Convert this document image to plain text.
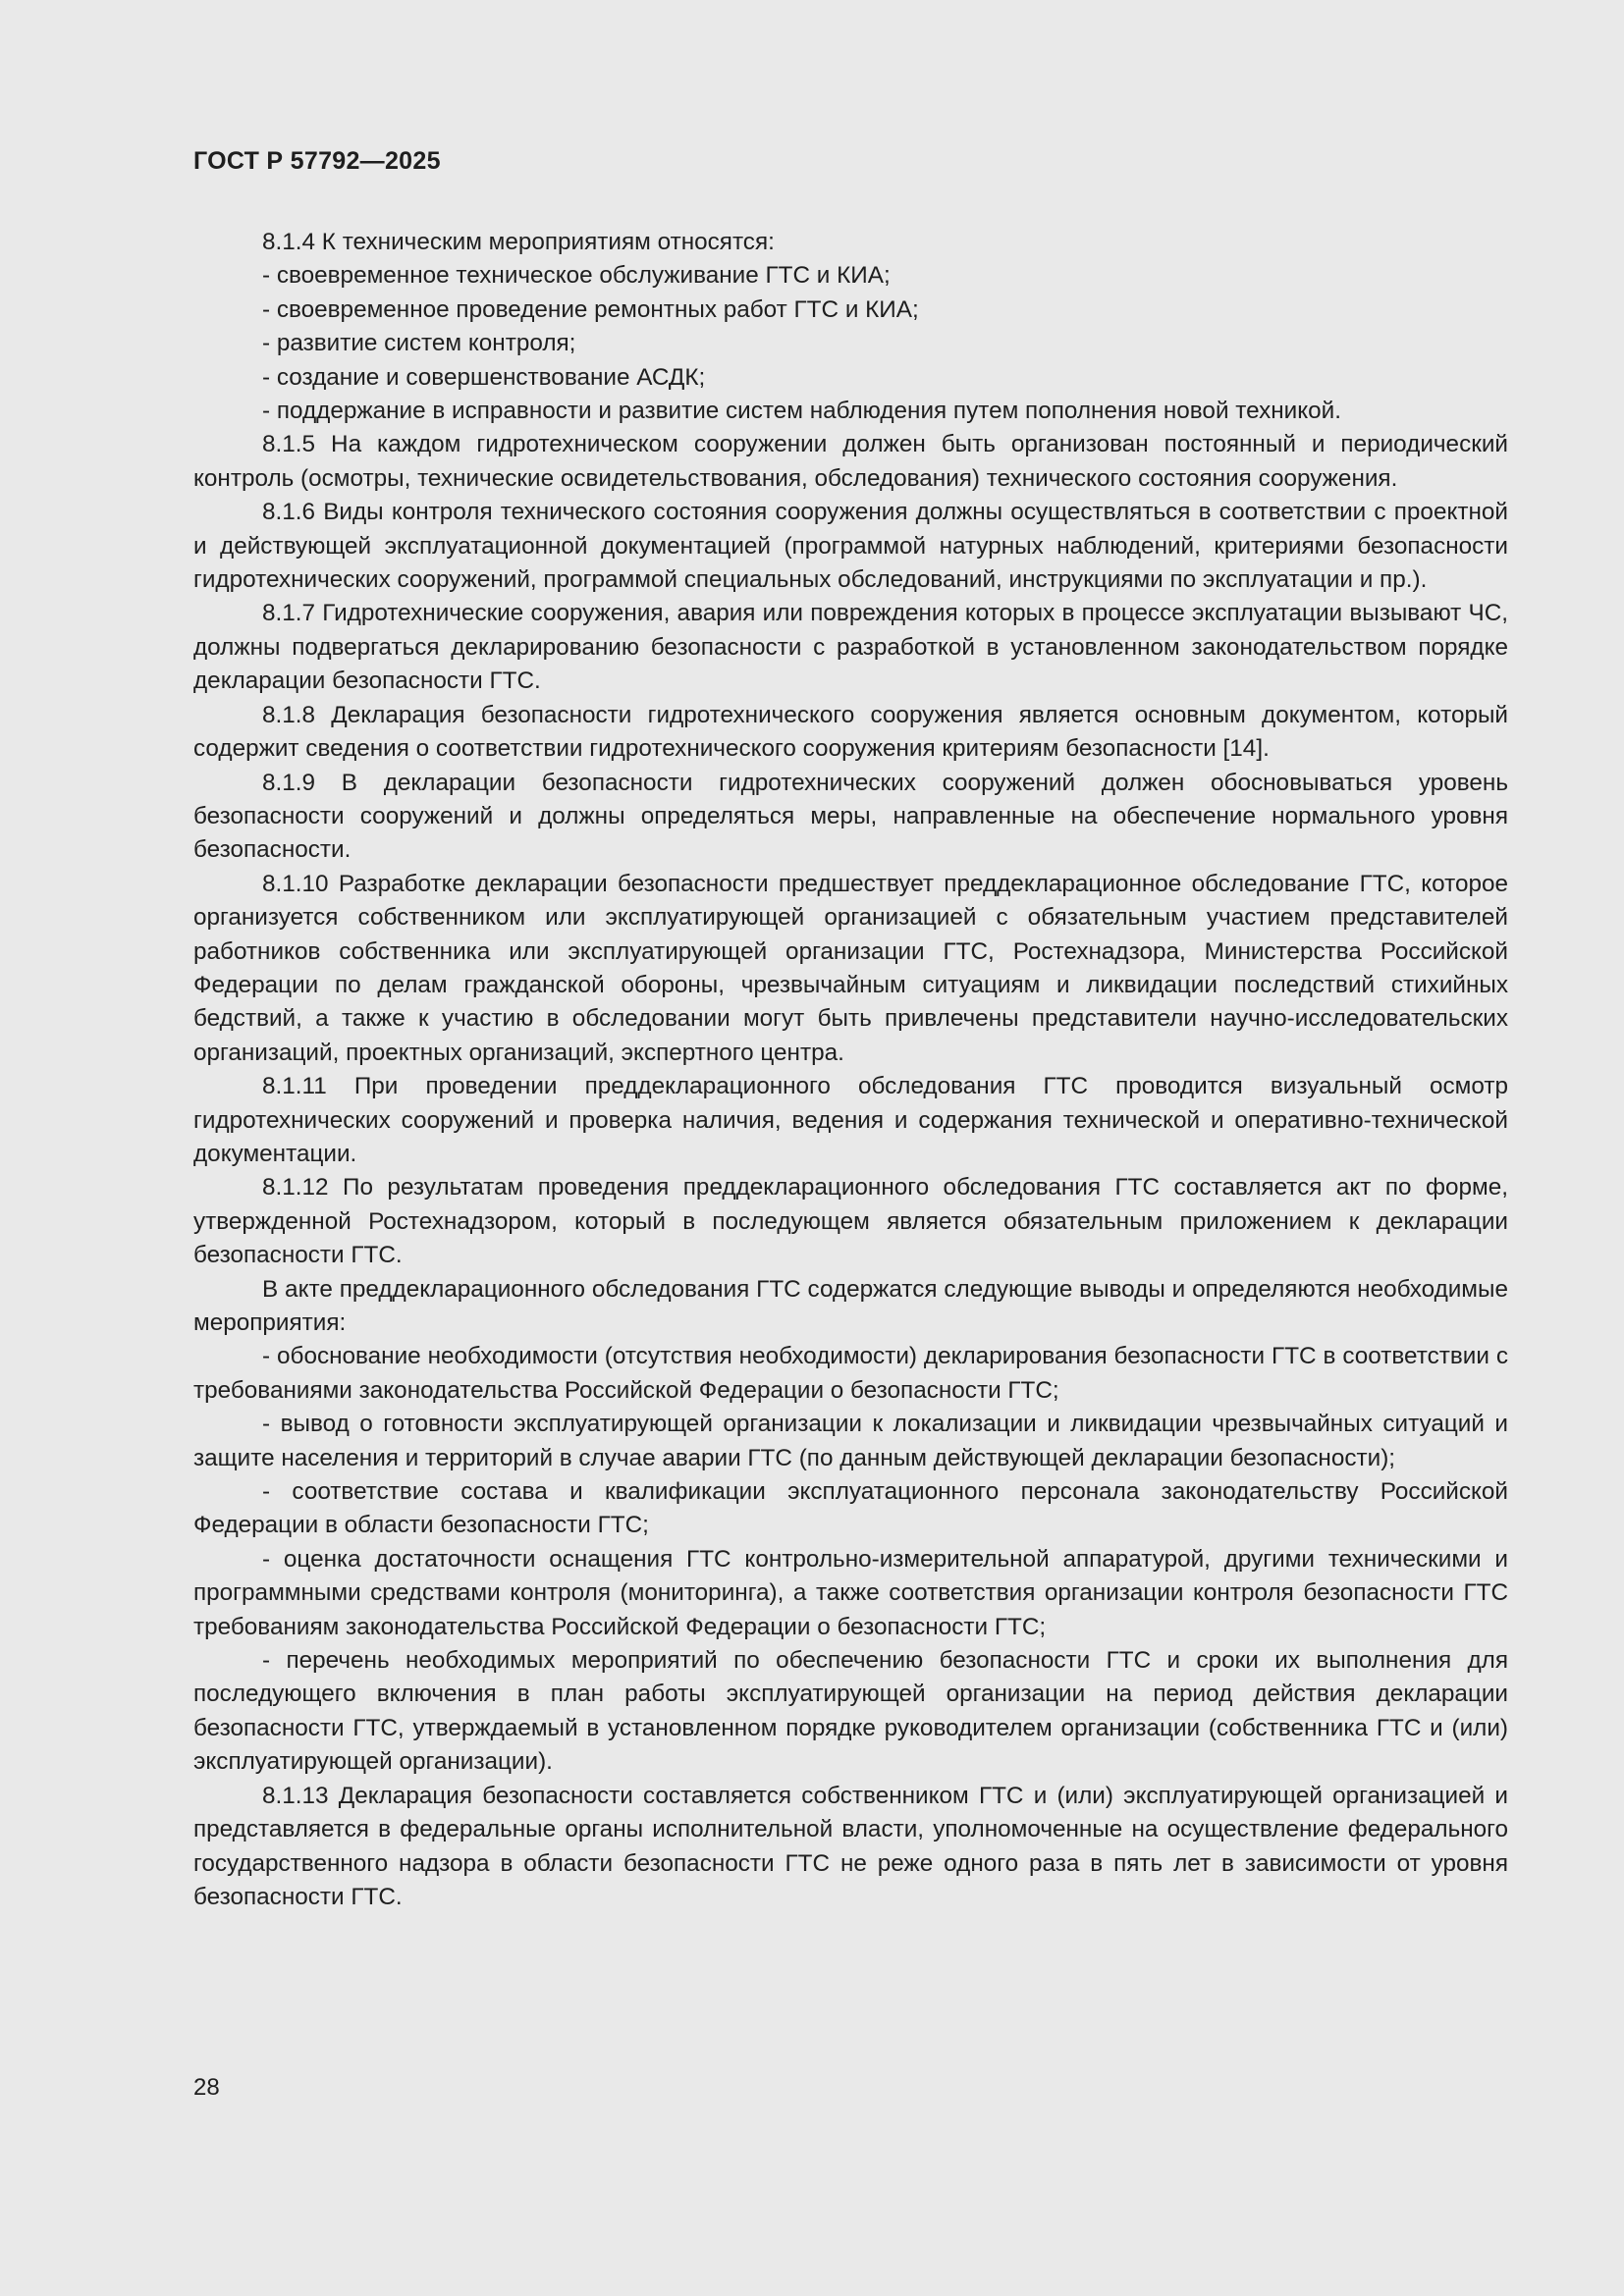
ГОСТ Р 57792—2025

8.1.4 К техническим мероприятиям относятся:

- своевременное техническое обслуживание ГТС и КИА;

- своевременное проведение ремонтных работ ГТС и КИА;

- развитие систем контроля;

- создание и совершенствование АСДК;

- поддержание в исправности и развитие систем наблюдения путем пополнения новой техникой.

8.1.5 На каждом гидротехническом сооружении должен быть организован постоянный и периодический контроль (осмотры, технические освидетельствования, обследования) технического состояния сооружения.

8.1.6 Виды контроля технического состояния сооружения должны осуществляться в соответствии с проектной и действующей эксплуатационной документацией (программой натурных наблюдений, критериями безопасности гидротехнических сооружений, программой специальных обследований, инструкциями по эксплуатации и пр.).

8.1.7 Гидротехнические сооружения, авария или повреждения которых в процессе эксплуатации вызывают ЧС, должны подвергаться декларированию безопасности с разработкой в установленном законодательством порядке декларации безопасности ГТС.

8.1.8 Декларация безопасности гидротехнического сооружения является основным документом, который содержит сведения о соответствии гидротехнического сооружения критериям безопасности [14].

8.1.9 В декларации безопасности гидротехнических сооружений должен обосновываться уровень безопасности сооружений и должны определяться меры, направленные на обеспечение нормального уровня безопасности.

8.1.10 Разработке декларации безопасности предшествует преддекларационное обследование ГТС, которое организуется собственником или эксплуатирующей организацией с обязательным участием представителей работников собственника или эксплуатирующей организации ГТС, Ростехнадзора, Министерства Российской Федерации по делам гражданской обороны, чрезвычайным ситуациям и ликвидации последствий стихийных бедствий, а также к участию в обследовании могут быть привлечены представители научно-исследовательских организаций, проектных организаций, экспертного центра.

8.1.11 При проведении преддекларационного обследования ГТС проводится визуальный осмотр гидротехнических сооружений и проверка наличия, ведения и содержания технической и оперативно-технической документации.

8.1.12 По результатам проведения преддекларационного обследования ГТС составляется акт по форме, утвержденной Ростехнадзором, который в последующем является обязательным приложением к декларации безопасности ГТС.

В акте преддекларационного обследования ГТС содержатся следующие выводы и определяются необходимые мероприятия:

- обоснование необходимости (отсутствия необходимости) декларирования безопасности ГТС в соответствии с требованиями законодательства Российской Федерации о безопасности ГТС;

- вывод о готовности эксплуатирующей организации к локализации и ликвидации чрезвычайных ситуаций и защите населения и территорий в случае аварии ГТС (по данным действующей декларации безопасности);

- соответствие состава и квалификации эксплуатационного персонала законодательству Российской Федерации в области безопасности ГТС;

- оценка достаточности оснащения ГТС контрольно-измерительной аппаратурой, другими техническими и программными средствами контроля (мониторинга), а также соответствия организации контроля безопасности ГТС требованиям законодательства Российской Федерации о безопасности ГТС;

- перечень необходимых мероприятий по обеспечению безопасности ГТС и сроки их выполнения для последующего включения в план работы эксплуатирующей организации на период действия декларации безопасности ГТС, утверждаемый в установленном порядке руководителем организации (собственника ГТС и (или) эксплуатирующей организации).

8.1.13 Декларация безопасности составляется собственником ГТС и (или) эксплуатирующей организацией и представляется в федеральные органы исполнительной власти, уполномоченные на осуществление федерального государственного надзора в области безопасности ГТС не реже одного раза в пять лет в зависимости от уровня безопасности ГТС.

28
